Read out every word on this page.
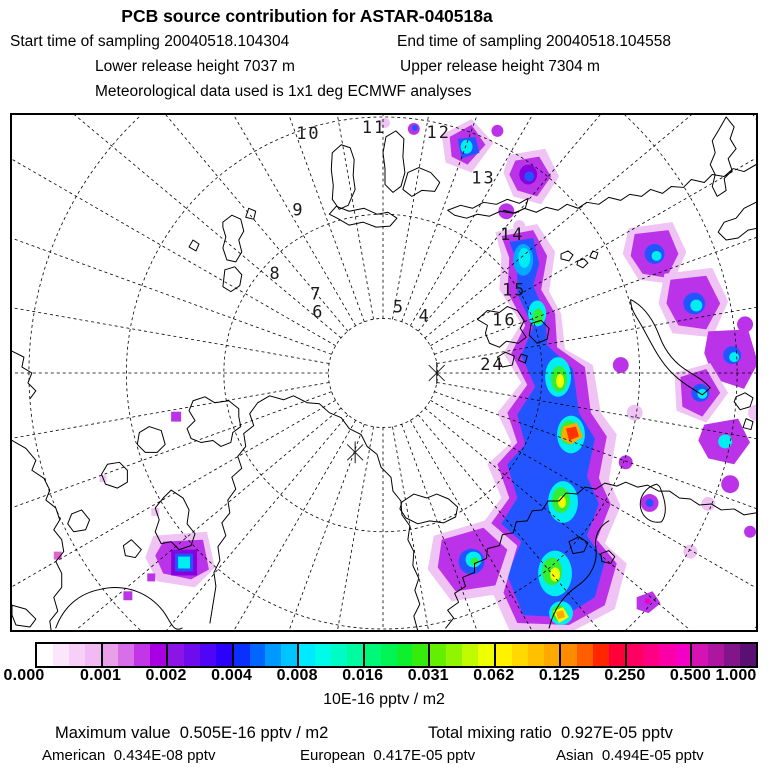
PCB source contribution for ASTAR-040518a
Start time of sampling 20040518.104304	End time of sampling 20040518.104558
Lower release height 7037 m	Upper release height 7304 m
Meteorological data used is 1x1 deg ECMWF analyses
10 11 12
13
14
15
16
24
9
8
7
6	5 4
0.000 0.001 0.002 0.004 0.008 0.016 0.031 0.062 0.125 0.250 0.500 1.000
10E-16 pptv / m2
Maximum value 0.505E-16 pptv / m2	Total mixing ratio 0.927E-05 pptv
American 0.434E-08 pptv	European 0.417E-05 pptv	Asian 0.494E-05 pptv
